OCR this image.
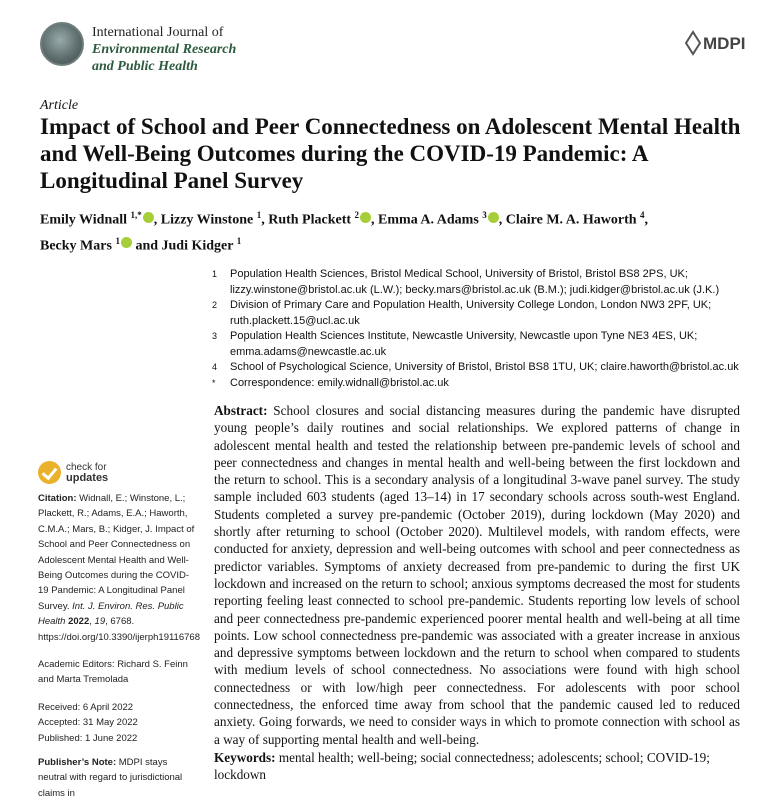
International Journal of
Environmental Research
and Public Health
MDPI
Article
Impact of School and Peer Connectedness on Adolescent Mental Health and Well-Being Outcomes during the COVID-19 Pandemic: A Longitudinal Panel Survey
Emily Widnall $^{1,*}$ , Lizzy Winstone $^1$, Ruth Plackett $^2$ , Emma A. Adams $^3$ , Claire M. A. Haworth $^4$,
Becky Mars $^1$ and Judi Kidger $^1$
1	Population Health Sciences, Bristol Medical School, University of Bristol, Bristol BS8 2PS, UK; lizzy.winstone@bristol.ac.uk (L.W.); becky.mars@bristol.ac.uk (B.M.); judi.kidger@bristol.ac.uk (J.K.)
2	Division of Primary Care and Population Health, University College London, London NW3 2PF, UK; ruth.plackett.15@ucl.ac.uk
3	Population Health Sciences Institute, Newcastle University, Newcastle upon Tyne NE3 4ES, UK; emma.adams@newcastle.ac.uk
4	School of Psychological Science, University of Bristol, Bristol BS8 1TU, UK; claire.haworth@bristol.ac.uk
*	Correspondence: emily.widnall@bristol.ac.uk

Abstract: School closures and social distancing measures during the pandemic have disrupted young people’s daily routines and social relationships. We explored patterns of change in adolescent mental health and tested the relationship between pre-pandemic levels of school and peer connectedness and changes in mental health and well-being between the first lockdown and the return to school. This is a secondary analysis of a longitudinal 3-wave panel survey. The study sample included 603 students (aged 13–14) in 17 secondary schools across south-west England. Students completed a survey pre-pandemic (October 2019), during lockdown (May 2020) and shortly after returning to school (October 2020). Multilevel models, with random effects, were conducted for anxiety, depression and well-being outcomes with school and peer connectedness as predictor variables. Symptoms of anxiety decreased from pre-pandemic to during the first UK lockdown and increased on the return to school; anxious symptoms decreased the most for students reporting feeling least connected to school pre-pandemic. Students reporting low levels of school and peer connectedness pre-pandemic experienced poorer mental health and well-being at all time points. Low school connectedness pre-pandemic was associated with a greater increase in anxious and depressive symptoms between lockdown and the return to school when compared to students with medium levels of school connectedness. No associations were found with high school connectedness or with low/high peer connectedness. For adolescents with poor school connectedness, the enforced time away from school that the pandemic caused led to reduced anxiety. Going forwards, we need to consider ways in which to promote connection with school as a way of supporting mental health and well-being.

Keywords: mental health; well-being; social connectedness; adolescents; school; COVID-19; lockdown
check for
updates
Citation: Widnall, E.; Winstone, L.; Plackett, R.; Adams, E.A.; Haworth, C.M.A.; Mars, B.; Kidger, J. Impact of School and Peer Connectedness on Adolescent Mental Health and Well-Being Outcomes during the COVID-19 Pandemic: A Longitudinal Panel Survey. Int. J. Environ. Res. Public Health 2022, 19, 6768. https://doi.org/10.3390/ijerph19116768
Academic Editors: Richard S. Feinn and Marta Tremolada
Received: 6 April 2022
Accepted: 31 May 2022
Published: 1 June 2022
Publisher’s Note: MDPI stays neutral with regard to jurisdictional claims in
